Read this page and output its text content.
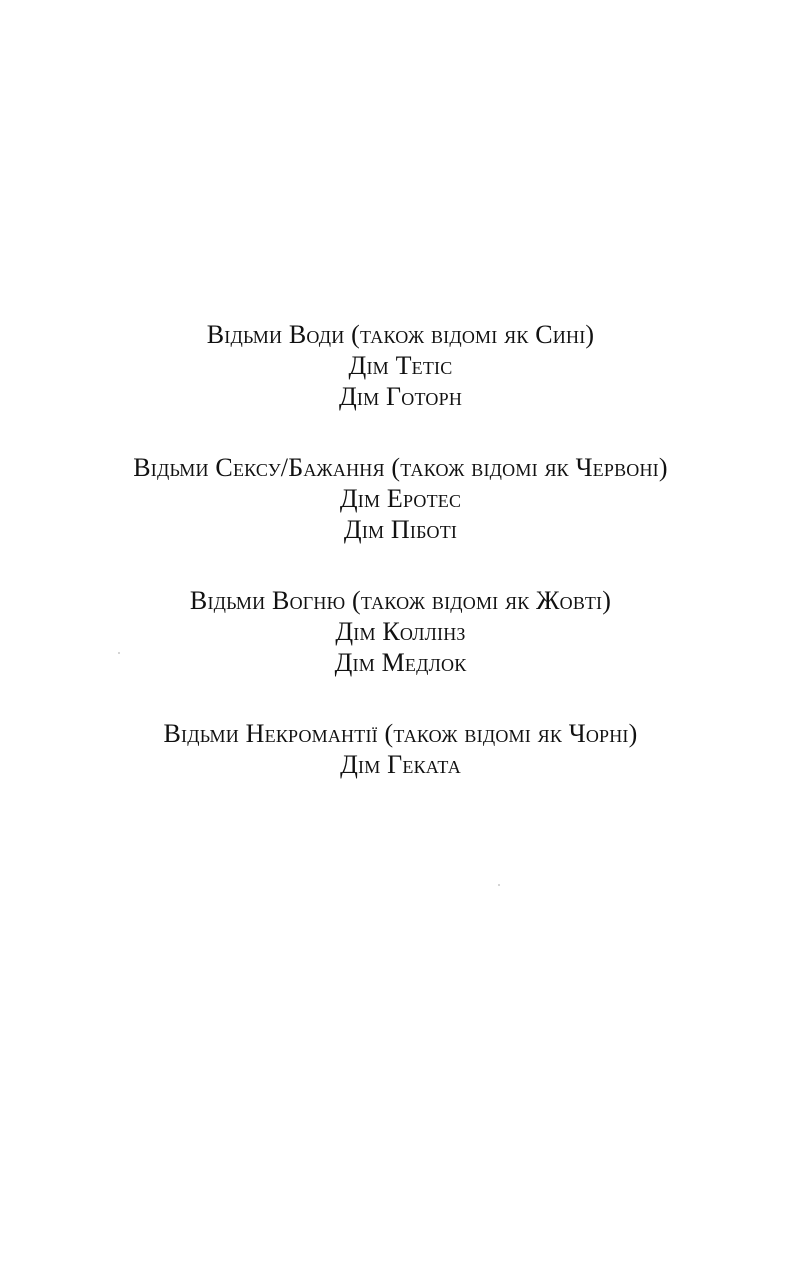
Відьми Води (також відомі як Сині)
Дім Тетіс
Дім Готорн
Відьми Сексу/Бажання (також відомі як Червоні)
Дім Еротес
Дім Піботі
Відьми Вогню (також відомі як Жовті)
Дім Коллінз
Дім Медлок
Відьми Некромантії (також відомі як Чорні)
Дім Геката
